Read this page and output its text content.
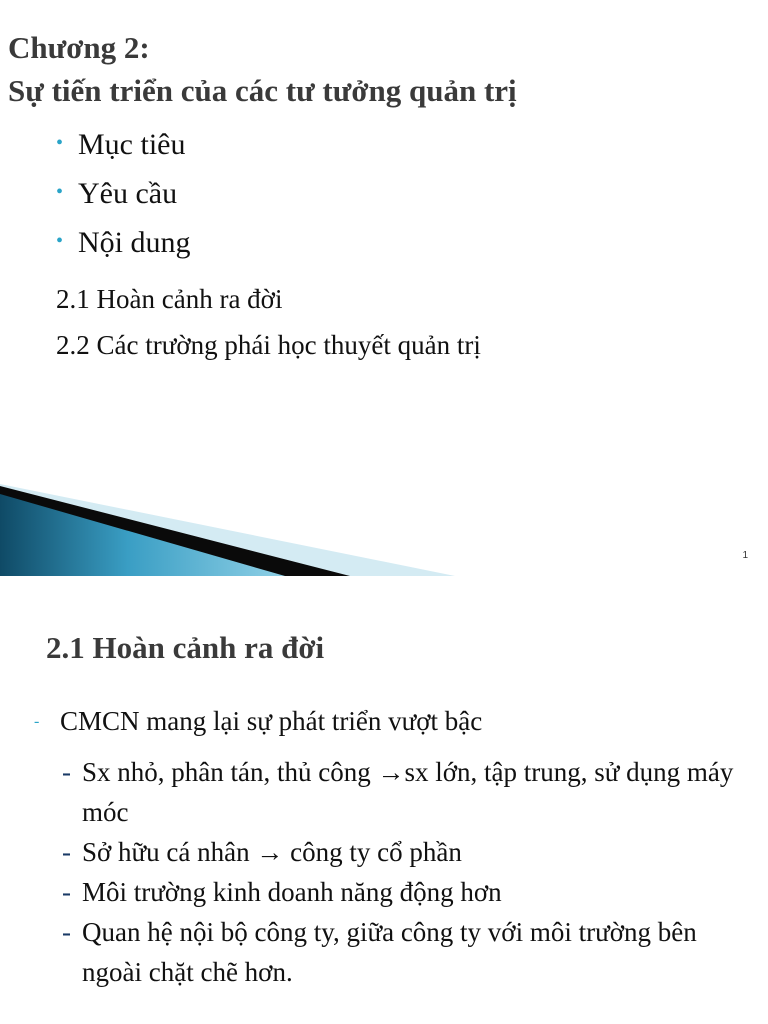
Chương 2:
Sự tiến triển của các tư tưởng quản trị
• Mục tiêu
• Yêu cầu
• Nội dung
2.1 Hoàn cảnh ra đời
2.2 Các trường phái học thuyết quản trị
1
2.1 Hoàn cảnh ra đời
- CMCN mang lại sự phát triển vượt bậc
- Sx nhỏ, phân tán, thủ công →sx lớn, tập trung, sử dụng máy móc
- Sở hữu cá nhân → công ty cổ phần
- Môi trường kinh doanh năng động hơn
- Quan hệ nội bộ công ty, giữa công ty với môi trường bên ngoài chặt chẽ hơn.
